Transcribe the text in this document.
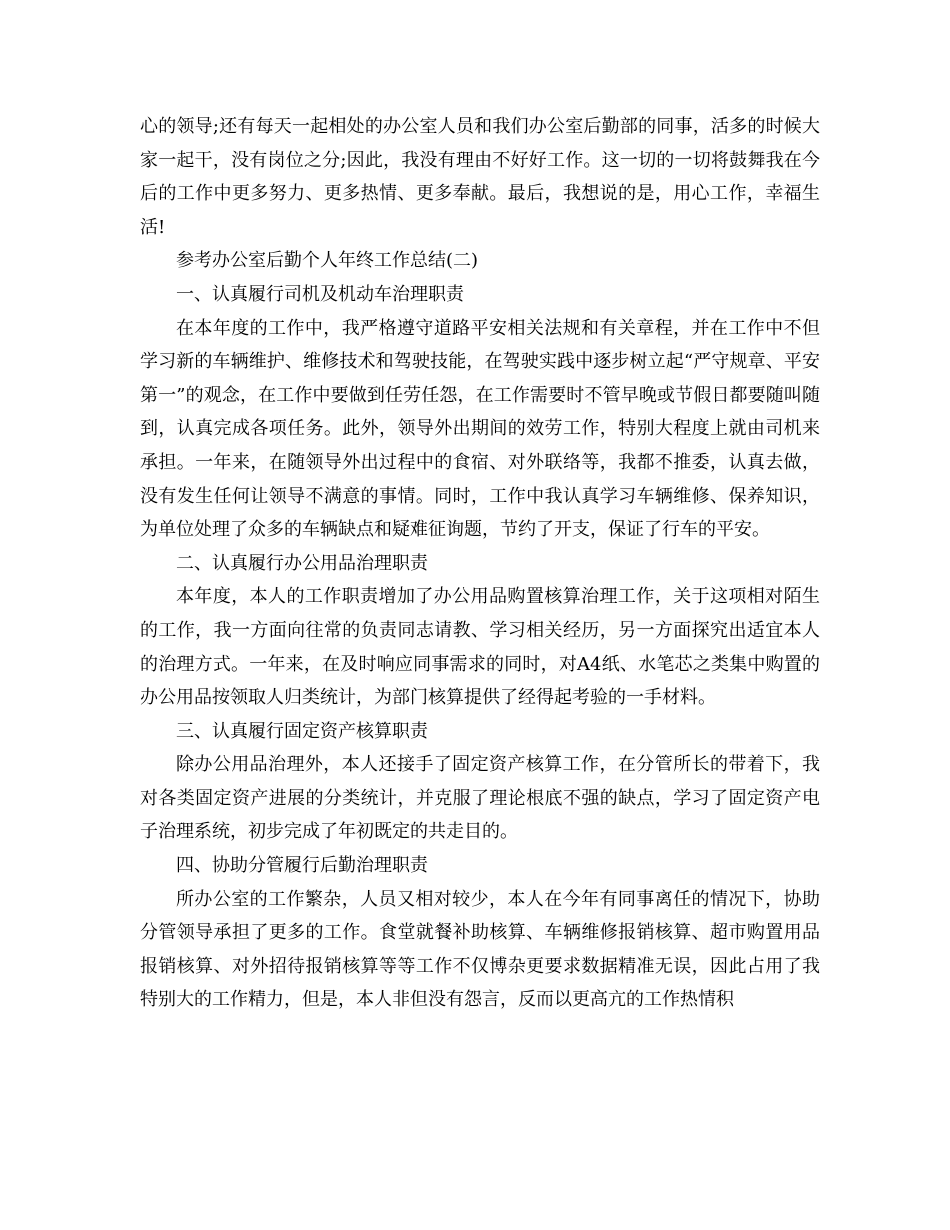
心的领导;还有每天一起相处的办公室人员和我们办公室后勤部的同事，活多的时候大家一起干，没有岗位之分;因此，我没有理由不好好工作。这一切的一切将鼓舞我在今后的工作中更多努力、更多热情、更多奉献。最后，我想说的是，用心工作，幸福生活!

参考办公室后勤个人年终工作总结(二)

一、认真履行司机及机动车治理职责

在本年度的工作中，我严格遵守道路平安相关法规和有关章程，并在工作中不但学习新的车辆维护、维修技术和驾驶技能，在驾驶实践中逐步树立起“严守规章、平安第一”的观念，在工作中要做到任劳任怨，在工作需要时不管早晚或节假日都要随叫随到，认真完成各项任务。此外，领导外出期间的效劳工作，特别大程度上就由司机来承担。一年来，在随领导外出过程中的食宿、对外联络等，我都不推委，认真去做，没有发生任何让领导不满意的事情。同时，工作中我认真学习车辆维修、保养知识，为单位处理了众多的车辆缺点和疑难征询题，节约了开支，保证了行车的平安。

二、认真履行办公用品治理职责

本年度，本人的工作职责增加了办公用品购置核算治理工作，关于这项相对陌生的工作，我一方面向往常的负责同志请教、学习相关经历，另一方面探究出适宜本人的治理方式。一年来，在及时响应同事需求的同时，对A4纸、水笔芯之类集中购置的办公用品按领取人归类统计，为部门核算提供了经得起考验的一手材料。

三、认真履行固定资产核算职责

除办公用品治理外，本人还接手了固定资产核算工作，在分管所长的带着下，我对各类固定资产进展的分类统计，并克服了理论根底不强的缺点，学习了固定资产电子治理系统，初步完成了年初既定的共走目的。

四、协助分管履行后勤治理职责

所办公室的工作繁杂，人员又相对较少，本人在今年有同事离任的情况下，协助分管领导承担了更多的工作。食堂就餐补助核算、车辆维修报销核算、超市购置用品报销核算、对外招待报销核算等等工作不仅博杂更要求数据精准无误，因此占用了我特别大的工作精力，但是，本人非但没有怨言，反而以更高亢的工作热情积
